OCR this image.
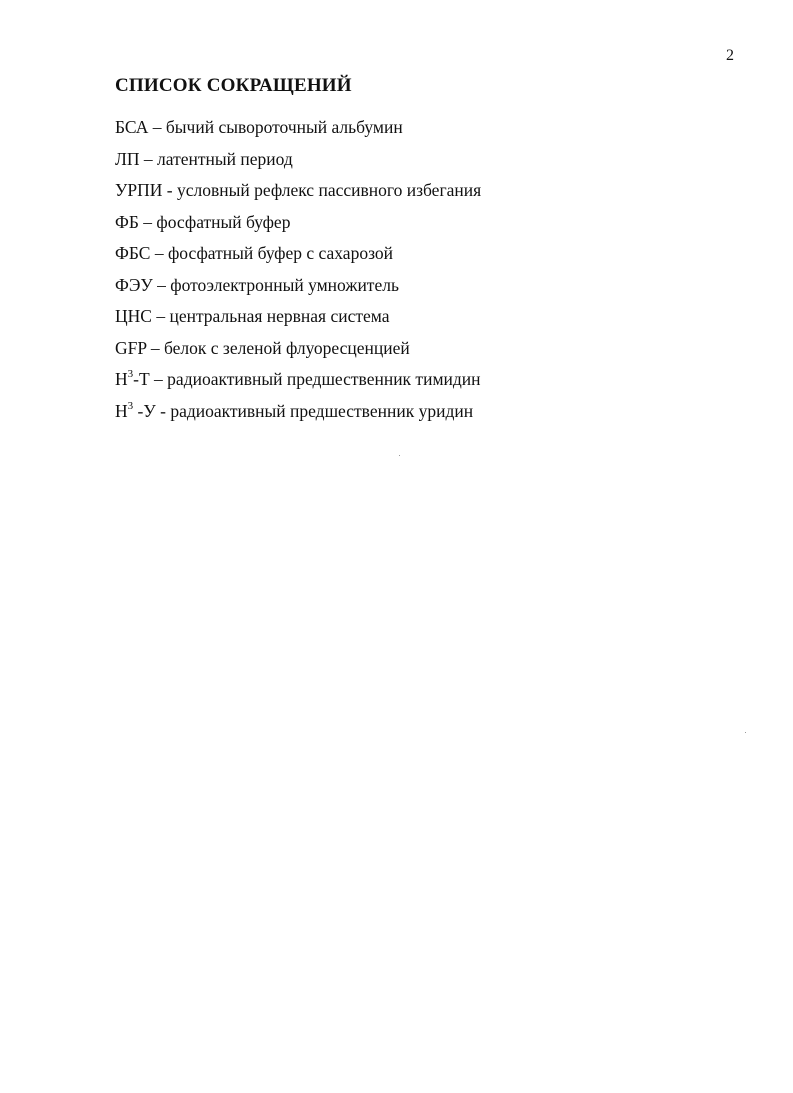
2
СПИСОК СОКРАЩЕНИЙ
БСА – бычий сывороточный альбумин
ЛП – латентный период
УРПИ - условный рефлекс пассивного избегания
ФБ – фосфатный буфер
ФБС – фосфатный буфер с сахарозой
ФЭУ – фотоэлектронный умножитель
ЦНС – центральная нервная система
GFP – белок с зеленой флуоресценцией
$Н^3-Т$ – радиоактивный предшественник тимидин
$Н^3$ -У - радиоактивный предшественник уридин
